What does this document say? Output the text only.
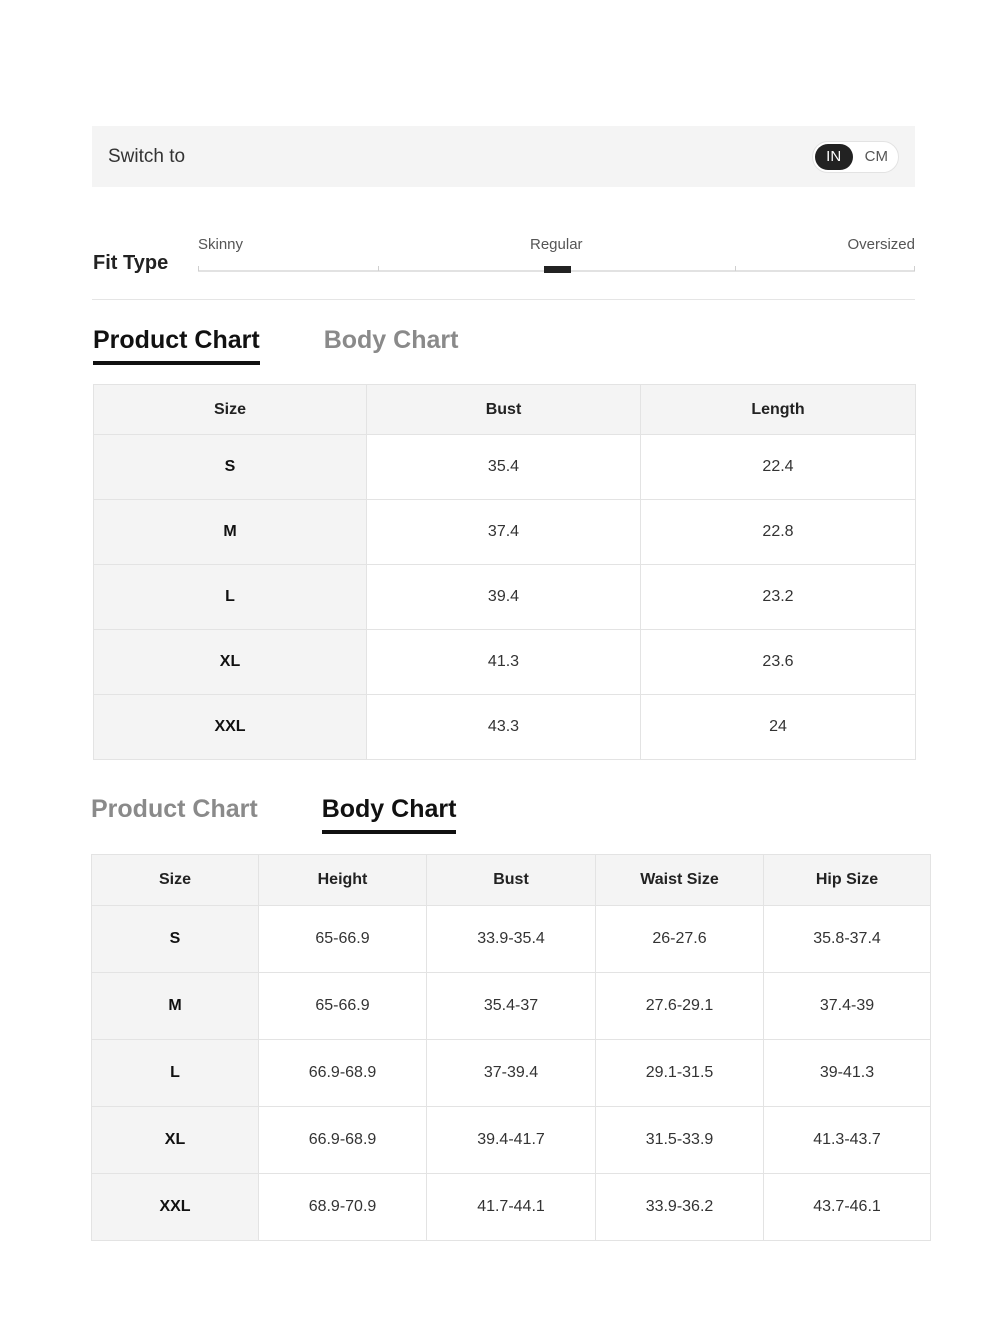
Switch to	IN	CM
Fit Type
Skinny	Regular	Oversized
Product Chart	Body Chart
Size	Bust	Length
S	35.4	22.4
M	37.4	22.8
L	39.4	23.2
XL	41.3	23.6
XXL	43.3	24
Product Chart	Body Chart
Size	Height	Bust	Waist Size	Hip Size
S	65-66.9	33.9-35.4	26-27.6	35.8-37.4
M	65-66.9	35.4-37	27.6-29.1	37.4-39
L	66.9-68.9	37-39.4	29.1-31.5	39-41.3
XL	66.9-68.9	39.4-41.7	31.5-33.9	41.3-43.7
XXL	68.9-70.9	41.7-44.1	33.9-36.2	43.7-46.1
